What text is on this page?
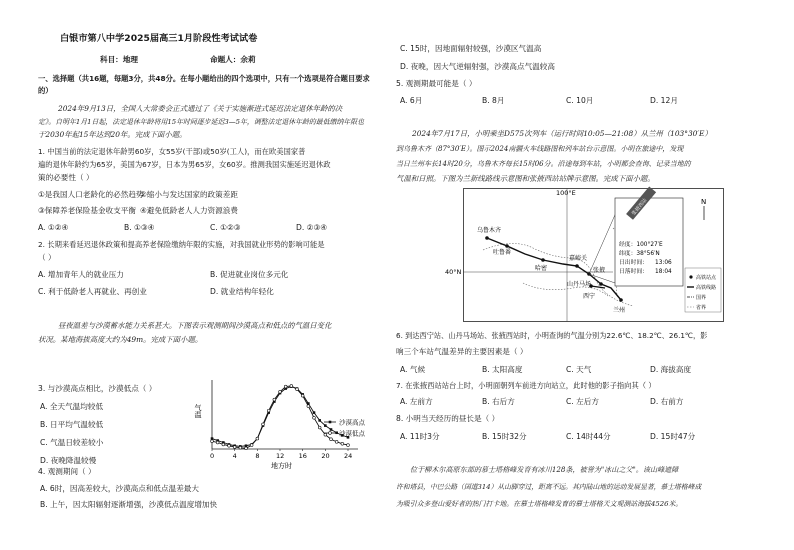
白银市第八中学2025届高三1月阶段性考试试卷
科目：地理	命题人：余莉
一、选择题（共16题，每题3分，共48分。在每小题给出的四个选项中，只有一个选项是符合题目要求
的）
2024年9月13日，全国人大常委会正式通过了《关于实施渐进式延迟法定退休年龄的决
定》。自明年1月1日起，法定退休年龄将用15年时间逐步延迟3—5年，调整法定退休年龄的最低缴纳年限也
于2030年起15年达到20年。完成下面小题。
1. 中国当前的法定退休年龄男60岁，女55岁(干部)或50岁(工人)，而在欧美国家普
遍的退休年龄约为65岁，美国为67岁，日本为男65岁，女60岁。推测我国实施延迟退休政
策的必要性（ ）
①是我国人口老龄化的必然趋势
②缩小与发达国家的政策差距
③保障养老保险基金收支平衡 ④避免低龄老人人力资源浪费
A. ①②④	B. ①③④	C. ①②③	D. ②③④
2. 长期来看延迟退休政策和提高养老保险缴纳年限的实施，对我国就业形势的影响可能是
（ ）
A. 增加青年人的就业压力	B. 促进就业岗位多元化
C. 利于低龄老人再就业、再创业	D. 就业结构年轻化
昼夜温差与沙漠蓄水能力关系甚大。下图表示观测期间沙漠高点和低点的气温日变化
状况。某地海拔高度大约为49m。完成下面小题。
3. 与沙漠高点相比，沙漠低点（ ）
A. 全天气温均较低
B. 日平均气温较低
C. 气温日较差较小
D. 夜晚降温较慢
4. 观测期间（ ）
A. 6时，因高差较大，沙漠高点和低点温差最大
B. 上午，因太阳辐射逐渐增强，沙漠低点温度增加快
气温
0	4	8	12 16 20 24
地方时
沙漠高点
沙漠低点
C. 15时，因地面辐射较强，沙漠区气温高
D. 夜晚，因大气逆辐射强，沙漠高点气温较高
5. 观测期最可能是（ ）
A. 6月	B. 8月	C. 10月	D. 12月
2024年7月17日，小明乘坐D575次列车（运行时间10:05—21:08）从兰州（103°30′E）
到乌鲁木齐（87°30′E）。图示2024南疆火车线路图和列车站台示意图。小明在旅途中，发现
当日兰州车长14时20分，乌鲁木齐每长15时06分。沿途每到车站，小明都会查询、记录当地的
气温和日照。下图为兰新线路线示意图和张掖西站站牌示意图。完成下面小题。
100°E
40°N
乌鲁木齐
吐鲁番
哈密
嘉峪关
张掖
西宁
山丹马场
兰州
张掖西站
经度：100°27′E
纬度：38°56′N
日出时间： 13:06
日落时间： 18:04
N
高铁站点
高铁线路
国界
省界
6. 到达西宁站、山丹马场站、张掖西站时，小明查询的气温分别为22.6℃、18.2℃、26.1℃，影
响三个车站气温差异的主要因素是（ ）
A. 气候	B. 太阳高度	C. 天气	D. 海拔高度
7. 在张掖西站站台上时，小明面朝列车前进方向站立，此时他的影子指向其（ ）
A. 左前方	B. 右后方	C. 左后方	D. 右前方
8. 小明当天经历的昼长是（ ）
A. 11时3分	B. 15时32分	C. 14时44分	D. 15时47分
位于柳木尔高原东部的慕士塔格峰发育有冰川128条，被誉为"冰山之父"。该山峰遮障
许和塔县，中巴公路（国道314）从山脚穿过，距离不远。其内陆山地的运动发展显著，慕士塔格峰成
为吸引众多登山爱好者的热门打卡地。在慕士塔格峰发育的慕士塔格天文观测站海拔4526米。
